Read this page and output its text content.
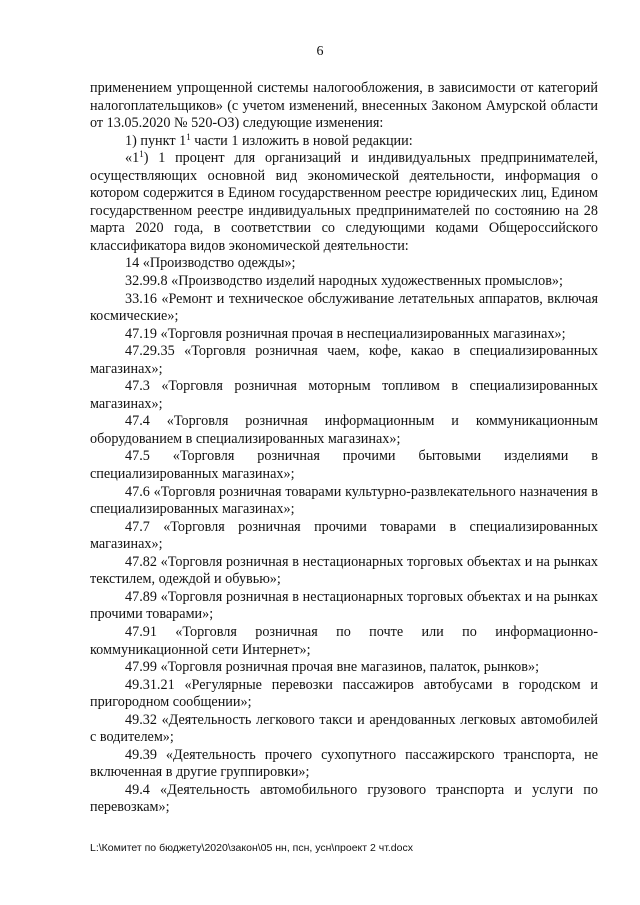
6

применением упрощенной системы налогообложения, в зависимости от категорий налогоплательщиков» (с учетом изменений, внесенных Законом Амурской области от 13.05.2020 № 520-ОЗ) следующие изменения:

1) пункт $1^1$ части 1 изложить в новой редакции:

«$1^1$) 1 процент для организаций и индивидуальных предпринимателей, осуществляющих основной вид экономической деятельности, информация о котором содержится в Едином государственном реестре юридических лиц, Едином государственном реестре индивидуальных предпринимателей по состоянию на 28 марта 2020 года, в соответствии со следующими кодами Общероссийского классификатора видов экономической деятельности:

14 «Производство одежды»;

32.99.8 «Производство изделий народных художественных промыслов»;

33.16 «Ремонт и техническое обслуживание летательных аппаратов, включая космические»;

47.19 «Торговля розничная прочая в неспециализированных магазинах»;

47.29.35 «Торговля розничная чаем, кофе, какао в специализированных магазинах»;

47.3 «Торговля розничная моторным топливом в специализированных магазинах»;

47.4 «Торговля розничная информационным и коммуникационным оборудованием в специализированных магазинах»;

47.5 «Торговля розничная прочими бытовыми изделиями в специализированных магазинах»;

47.6 «Торговля розничная товарами культурно-развлекательного назначения в специализированных магазинах»;

47.7 «Торговля розничная прочими товарами в специализированных магазинах»;

47.82 «Торговля розничная в нестационарных торговых объектах и на рынках текстилем, одеждой и обувью»;

47.89 «Торговля розничная в нестационарных торговых объектах и на рынках прочими товарами»;

47.91 «Торговля розничная по почте или по информационно-коммуникационной сети Интернет»;

47.99 «Торговля розничная прочая вне магазинов, палаток, рынков»;

49.31.21 «Регулярные перевозки пассажиров автобусами в городском и пригородном сообщении»;

49.32 «Деятельность легкового такси и арендованных легковых автомобилей с водителем»;

49.39 «Деятельность прочего сухопутного пассажирского транспорта, не включенная в другие группировки»;

49.4 «Деятельность автомобильного грузового транспорта и услуги по перевозкам»;

L:\Комитет по бюджету\2020\закон\05 нн, псн, усн\проект 2 чт.docx
